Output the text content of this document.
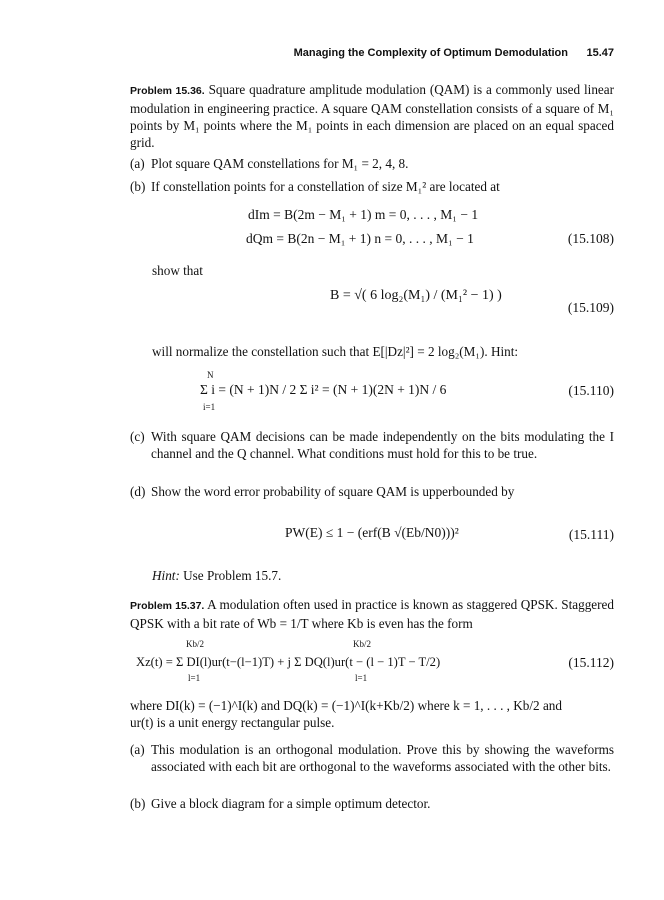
Managing the Complexity of Optimum Demodulation 15.47
Problem 15.36. Square quadrature amplitude modulation (QAM) is a commonly used linear modulation in engineering practice. A square QAM constellation consists of a square of M₁ points by M₁ points where the M₁ points in each dimension are placed on an equal spaced grid.
(a) Plot square QAM constellations for M₁ = 2, 4, 8.
(b) If constellation points for a constellation of size M₁² are located at
dIm = B(2m − M₁ + 1) m = 0, . . . , M₁ − 1
dQm = B(2n − M₁ + 1) n = 0, . . . , M₁ − 1	(15.108)
show that
B = √( 6 log₂(M₁) / (M₁² − 1) )
(15.109)
will normalize the constellation such that E[|Dz|²] = 2 log₂(M₁). Hint:
N
i=1
Σ i = (N + 1)N / 2 Σ i² = (N + 1)(2N + 1)N / 6	(15.110)
(c) With square QAM decisions can be made independently on the bits modulating the I channel and the Q channel. What conditions must hold for this to be true.
(d) Show the word error probability of square QAM is upperbounded by
PW(E) ≤ 1 − (erf(B √(Eb/N0)))²	(15.111)
Hint: Use Problem 15.7.
Problem 15.37. A modulation often used in practice is known as staggered QPSK. Staggered QPSK with a bit rate of Wb = 1/T where Kb is even has the form
Kb/2
l=1
Kb/2
l=1
Xz(t) = Σ DI(l)ur(t−(l−1)T) + j Σ DQ(l)ur(t − (l − 1)T − T/2)	(15.112)
where DI(k) = (−1)^I(k) and DQ(k) = (−1)^I(k+Kb/2) where k = 1, . . . , Kb/2 and
ur(t) is a unit energy rectangular pulse.
(a) This modulation is an orthogonal modulation. Prove this by showing the waveforms associated with each bit are orthogonal to the waveforms associated with the other bits.
(b) Give a block diagram for a simple optimum detector.
